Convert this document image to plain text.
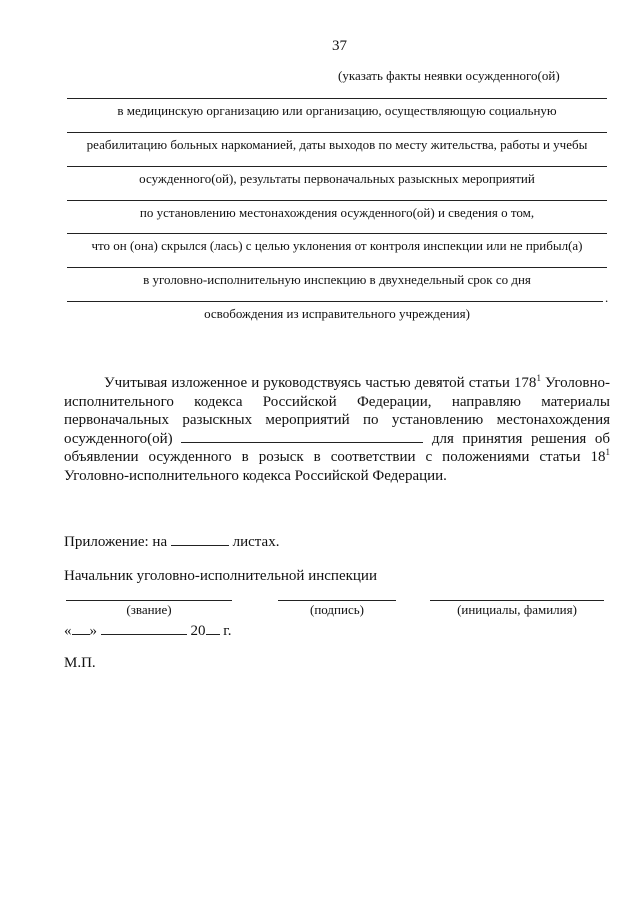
37
(указать факты неявки осужденного(ой)
в медицинскую организацию или организацию, осуществляющую социальную
реабилитацию больных наркоманией, даты выходов по месту жительства, работы и учебы
осужденного(ой), результаты первоначальных разыскных мероприятий
по установлению местонахождения осужденного(ой) и сведения о том,
что он (она) скрылся (лась) с целью уклонения от контроля инспекции или не прибыл(а)
в уголовно-исполнительную инспекцию в двухнедельный срок со дня
.
освобождения из исправительного учреждения)
Учитывая изложенное и руководствуясь частью девятой статьи $178^1$ Уголовно-
исполнительного кодекса Российской Федерации, направляю материалы
первоначальных разыскных мероприятий по установлению местонахождения
осужденного(ой)	для принятия решения об
объявлении осужденного в розыск в соответствии с положениями статьи $18^1$
Уголовно-исполнительного кодекса Российской Федерации.
Приложение: на	листах.
Начальник уголовно-исполнительной инспекции
(звание)	(подпись)	(инициалы, фамилия)
« »	20 г.
М.П.
